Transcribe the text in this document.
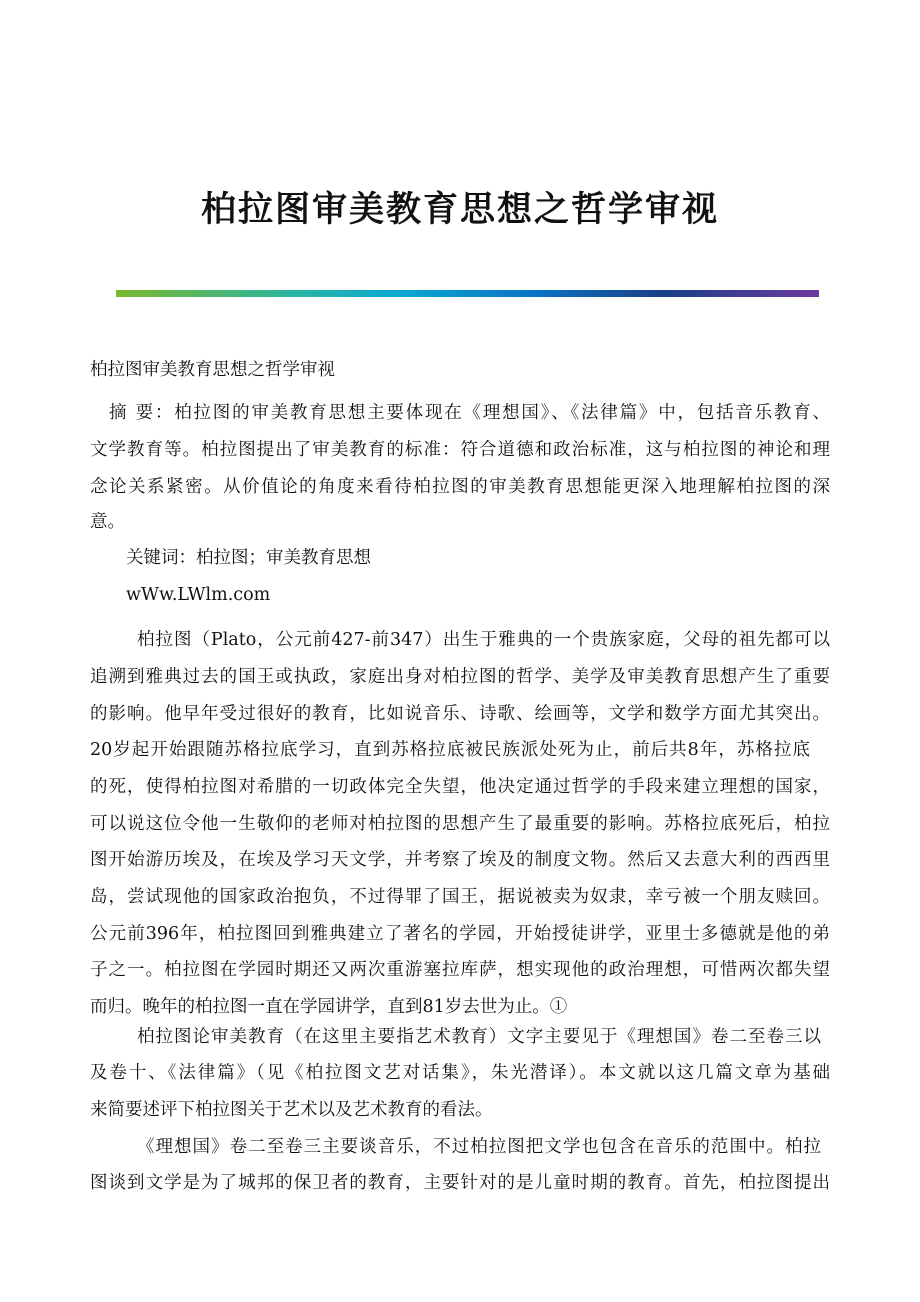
柏拉图审美教育思想之哲学审视
柏拉图审美教育思想之哲学审视
摘 要：柏拉图的审美教育思想主要体现在《理想国》、《法律篇》中，包括音乐教育、
文学教育等。柏拉图提出了审美教育的标准：符合道德和政治标准，这与柏拉图的神论和理
念论关系紧密。从价值论的角度来看待柏拉图的审美教育思想能更深入地理解柏拉图的深
意。
关键词：柏拉图；审美教育思想
wWw.LWlm.com
柏拉图（Plato，公元前427-前347）出生于雅典的一个贵族家庭，父母的祖先都可以
追溯到雅典过去的国王或执政，家庭出身对柏拉图的哲学、美学及审美教育思想产生了重要
的影响。他早年受过很好的教育，比如说音乐、诗歌、绘画等，文学和数学方面尤其突出。
20岁起开始跟随苏格拉底学习，直到苏格拉底被民族派处死为止，前后共8年，苏格拉底
的死，使得柏拉图对希腊的一切政体完全失望，他决定通过哲学的手段来建立理想的国家，
可以说这位令他一生敬仰的老师对柏拉图的思想产生了最重要的影响。苏格拉底死后，柏拉
图开始游历埃及，在埃及学习天文学，并考察了埃及的制度文物。然后又去意大利的西西里
岛，尝试现他的国家政治抱负，不过得罪了国王，据说被卖为奴隶，幸亏被一个朋友赎回。
公元前396年，柏拉图回到雅典建立了著名的学园，开始授徒讲学，亚里士多德就是他的弟
子之一。柏拉图在学园时期还又两次重游塞拉库萨，想实现他的政治理想，可惜两次都失望
而归。晚年的柏拉图一直在学园讲学，直到81岁去世为止。①
柏拉图论审美教育（在这里主要指艺术教育）文字主要见于《理想国》卷二至卷三以
及卷十、《法律篇》（见《柏拉图文艺对话集》，朱光潜译）。本文就以这几篇文章为基础
来简要述评下柏拉图关于艺术以及艺术教育的看法。
《理想国》卷二至卷三主要谈音乐，不过柏拉图把文学也包含在音乐的范围中。柏拉
图谈到文学是为了城邦的保卫者的教育，主要针对的是儿童时期的教育。首先，柏拉图提出
